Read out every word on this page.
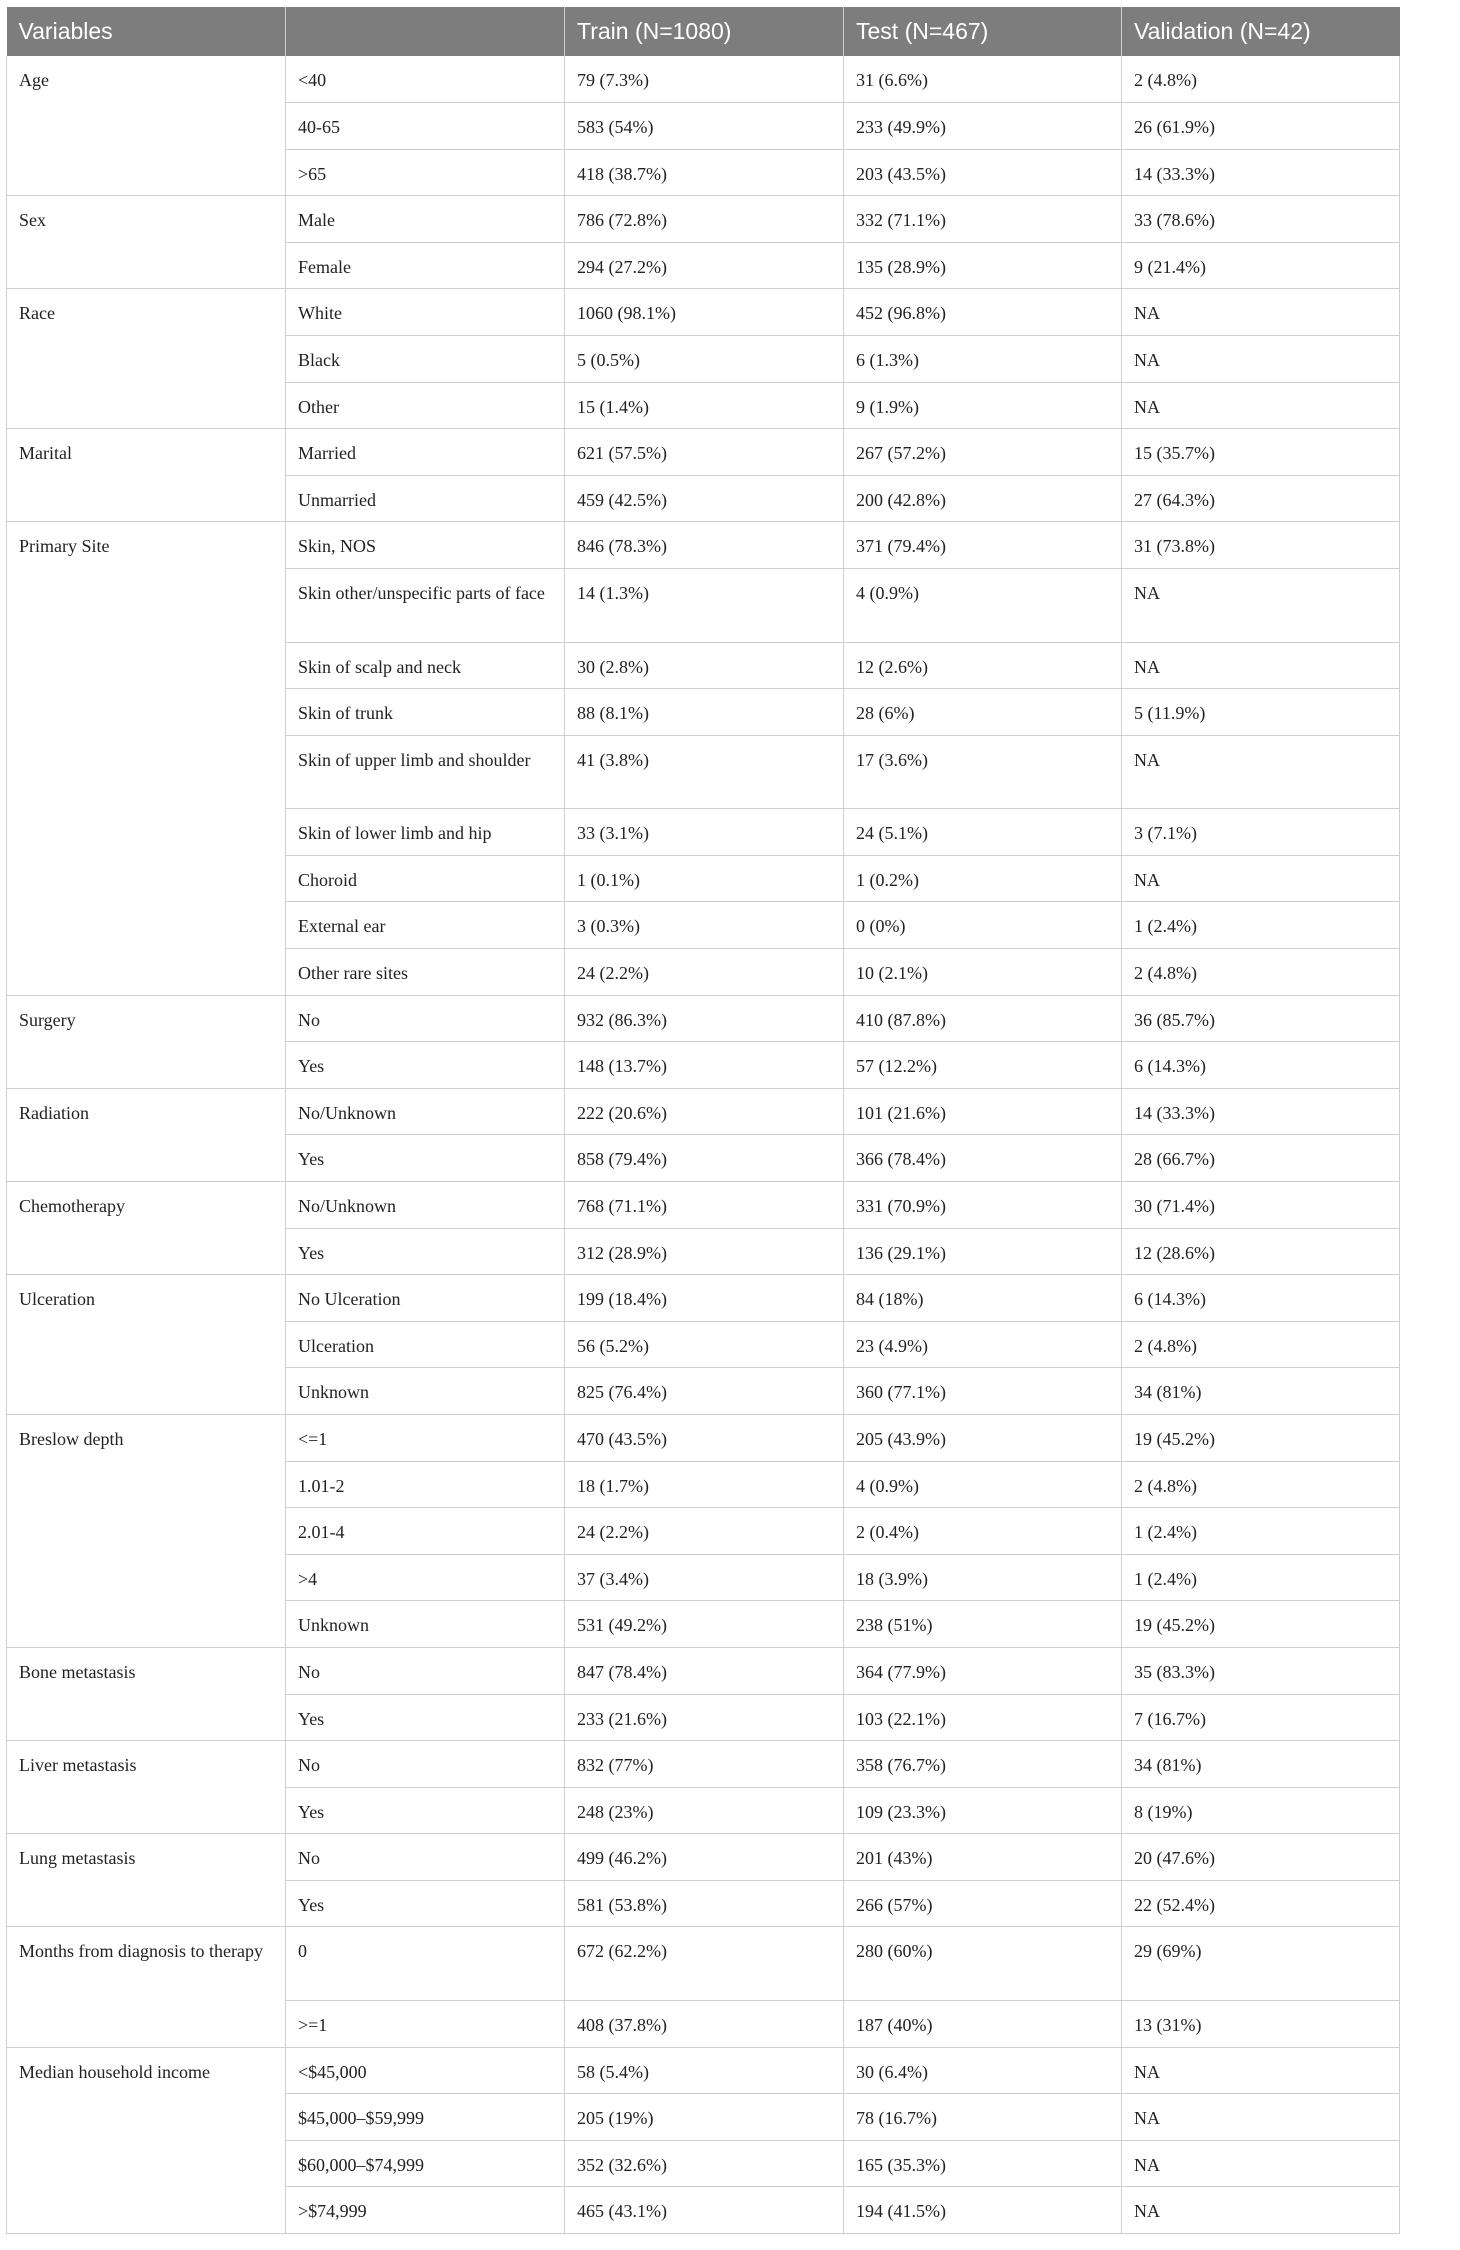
Variables		Train (N=1080)	Test (N=467)	Validation (N=42)
Age	<40	79 (7.3%)	31 (6.6%)	2 (4.8%)
	40-65	583 (54%)	233 (49.9%)	26 (61.9%)
	>65	418 (38.7%)	203 (43.5%)	14 (33.3%)
Sex	Male	786 (72.8%)	332 (71.1%)	33 (78.6%)
	Female	294 (27.2%)	135 (28.9%)	9 (21.4%)
Race	White	1060 (98.1%)	452 (96.8%)	NA
	Black	5 (0.5%)	6 (1.3%)	NA
	Other	15 (1.4%)	9 (1.9%)	NA
Marital	Married	621 (57.5%)	267 (57.2%)	15 (35.7%)
	Unmarried	459 (42.5%)	200 (42.8%)	27 (64.3%)
Primary Site	Skin, NOS	846 (78.3%)	371 (79.4%)	31 (73.8%)
	Skin other/unspecific parts of face	14 (1.3%)	4 (0.9%)	NA
	Skin of scalp and neck	30 (2.8%)	12 (2.6%)	NA
	Skin of trunk	88 (8.1%)	28 (6%)	5 (11.9%)
	Skin of upper limb and shoulder	41 (3.8%)	17 (3.6%)	NA
	Skin of lower limb and hip	33 (3.1%)	24 (5.1%)	3 (7.1%)
	Choroid	1 (0.1%)	1 (0.2%)	NA
	External ear	3 (0.3%)	0 (0%)	1 (2.4%)
	Other rare sites	24 (2.2%)	10 (2.1%)	2 (4.8%)
Surgery	No	932 (86.3%)	410 (87.8%)	36 (85.7%)
	Yes	148 (13.7%)	57 (12.2%)	6 (14.3%)
Radiation	No/Unknown	222 (20.6%)	101 (21.6%)	14 (33.3%)
	Yes	858 (79.4%)	366 (78.4%)	28 (66.7%)
Chemotherapy	No/Unknown	768 (71.1%)	331 (70.9%)	30 (71.4%)
	Yes	312 (28.9%)	136 (29.1%)	12 (28.6%)
Ulceration	No Ulceration	199 (18.4%)	84 (18%)	6 (14.3%)
	Ulceration	56 (5.2%)	23 (4.9%)	2 (4.8%)
	Unknown	825 (76.4%)	360 (77.1%)	34 (81%)
Breslow depth	<=1	470 (43.5%)	205 (43.9%)	19 (45.2%)
	1.01-2	18 (1.7%)	4 (0.9%)	2 (4.8%)
	2.01-4	24 (2.2%)	2 (0.4%)	1 (2.4%)
	>4	37 (3.4%)	18 (3.9%)	1 (2.4%)
	Unknown	531 (49.2%)	238 (51%)	19 (45.2%)
Bone metastasis	No	847 (78.4%)	364 (77.9%)	35 (83.3%)
	Yes	233 (21.6%)	103 (22.1%)	7 (16.7%)
Liver metastasis	No	832 (77%)	358 (76.7%)	34 (81%)
	Yes	248 (23%)	109 (23.3%)	8 (19%)
Lung metastasis	No	499 (46.2%)	201 (43%)	20 (47.6%)
	Yes	581 (53.8%)	266 (57%)	22 (52.4%)
Months from diagnosis to therapy	0	672 (62.2%)	280 (60%)	29 (69%)
	>=1	408 (37.8%)	187 (40%)	13 (31%)
Median household income	<$45,000	58 (5.4%)	30 (6.4%)	NA
	$45,000–$59,999	205 (19%)	78 (16.7%)	NA
	$60,000–$74,999	352 (32.6%)	165 (35.3%)	NA
	>$74,999	465 (43.1%)	194 (41.5%)	NA
